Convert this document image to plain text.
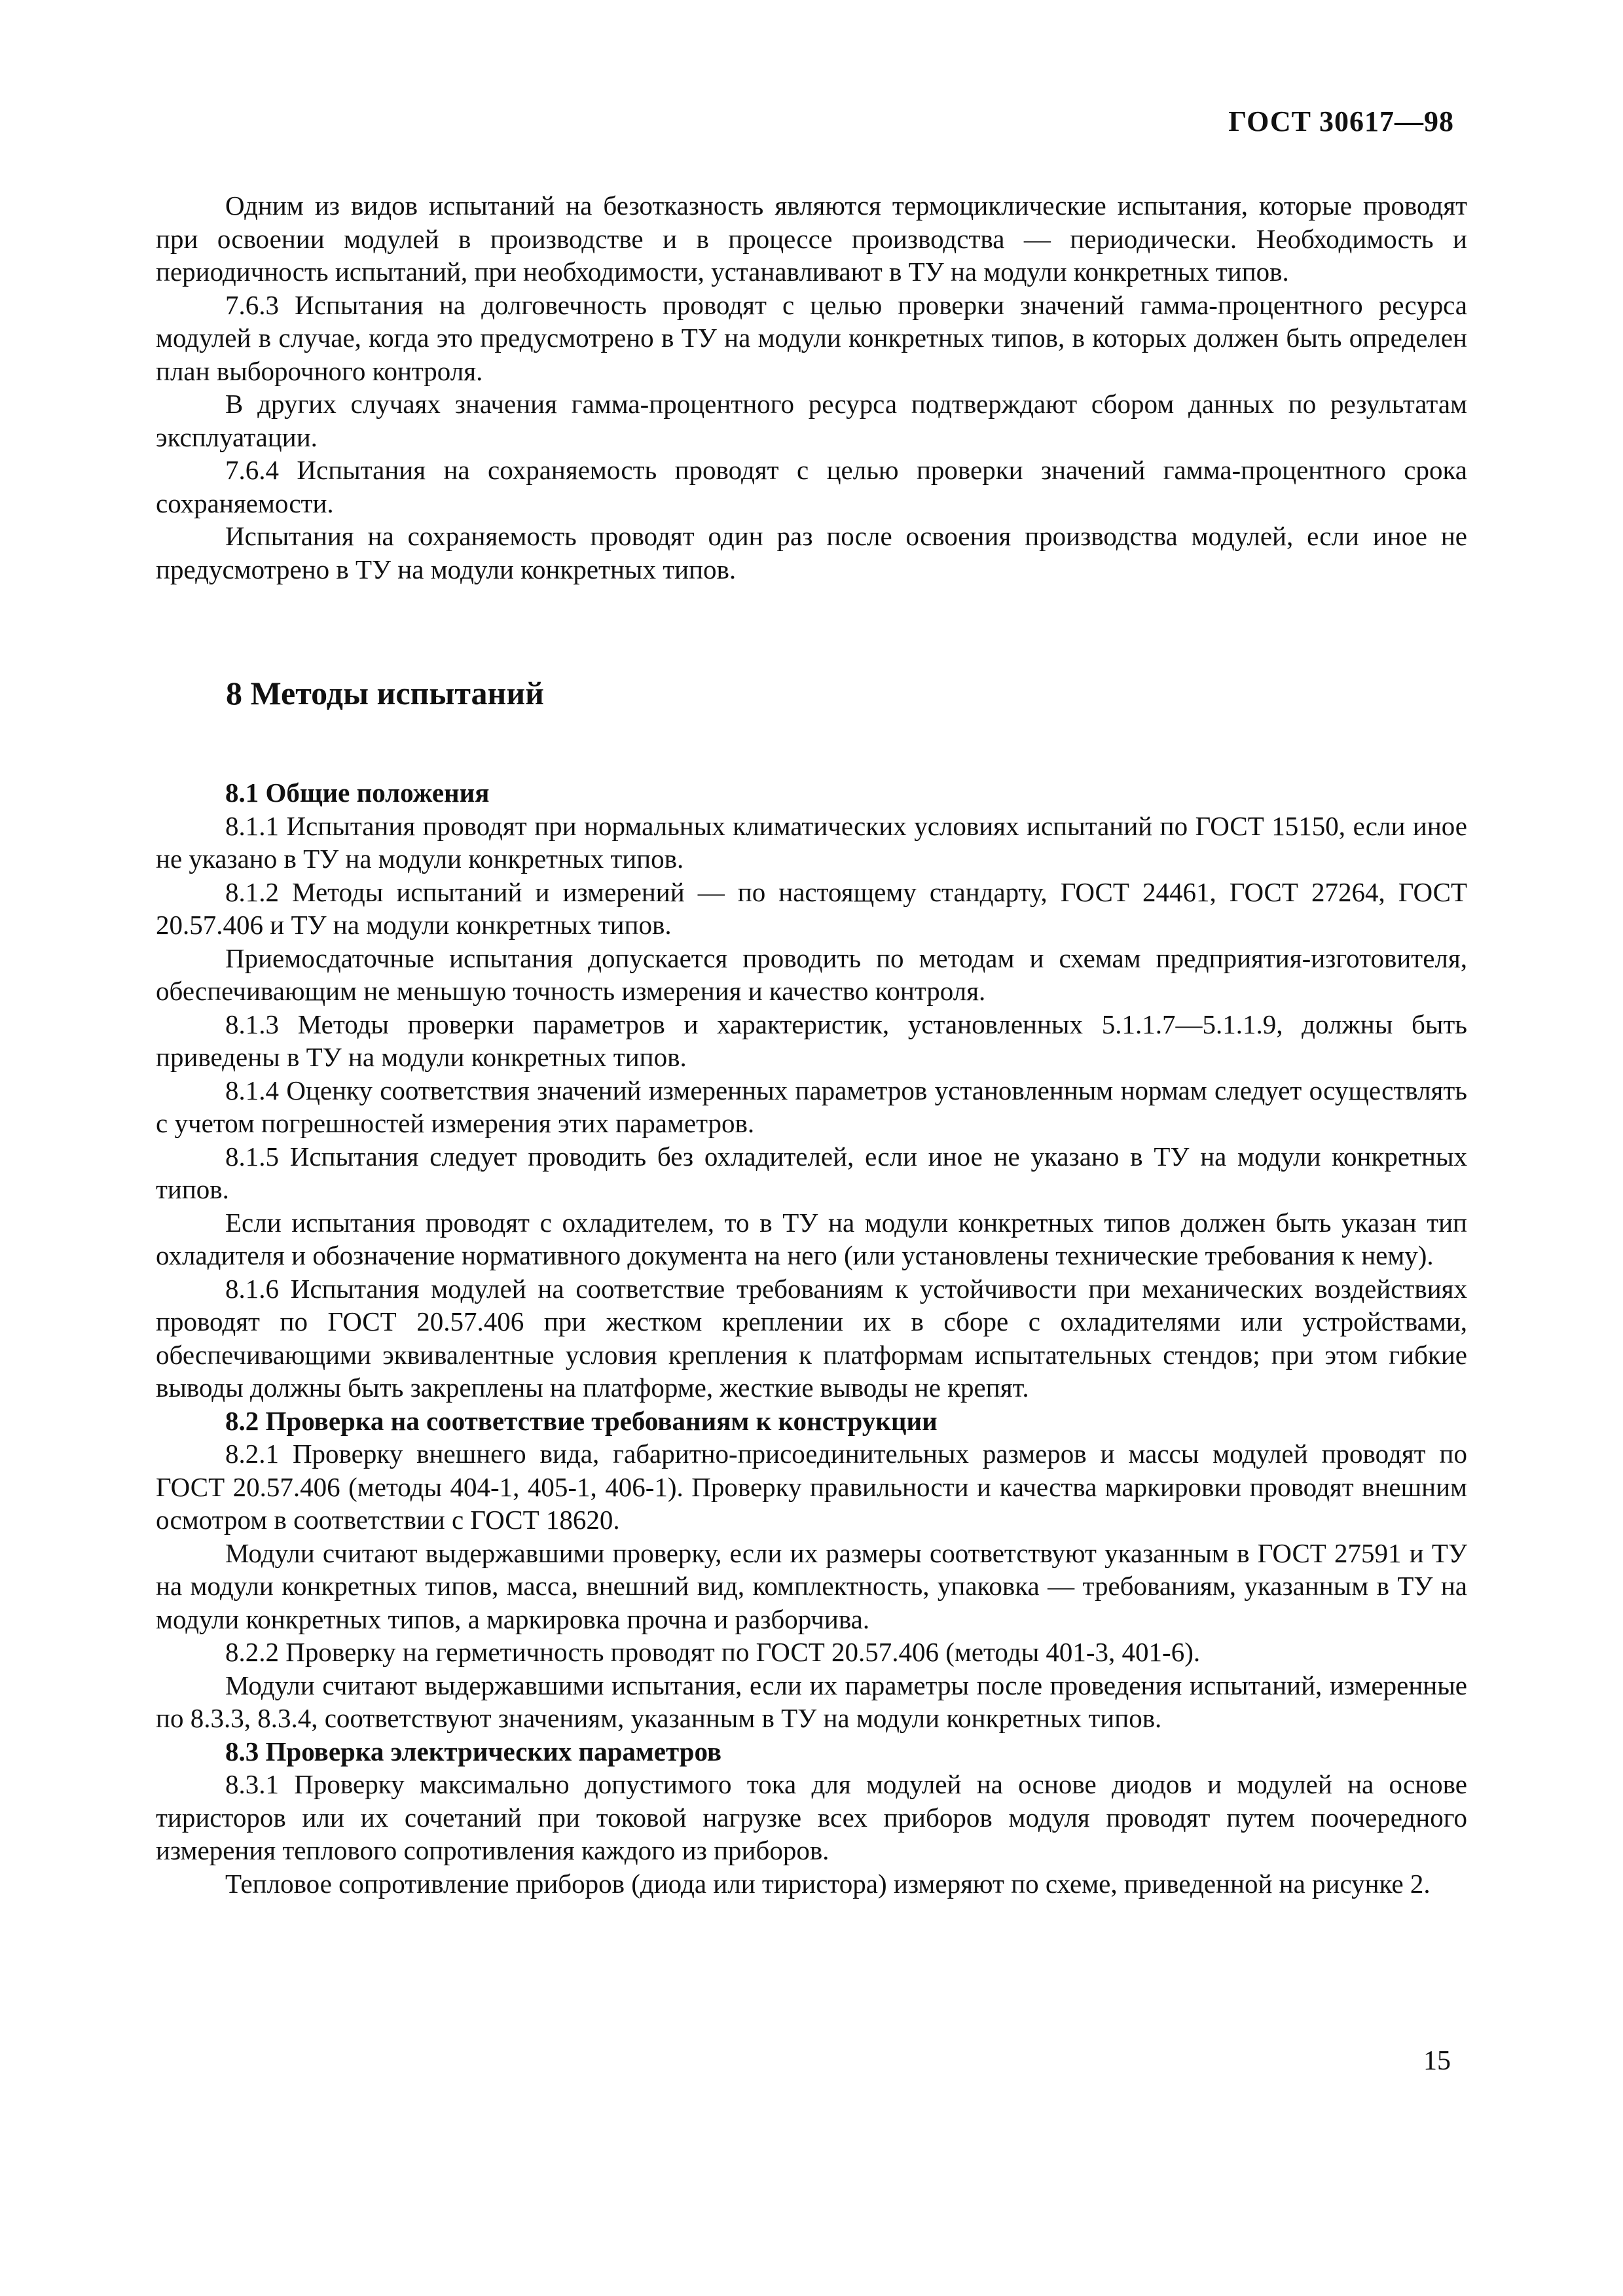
ГОСТ 30617—98

Одним из видов испытаний на безотказность являются термоциклические испытания, которые проводят при освоении модулей в производстве и в процессе производства — периодически. Необходимость и периодичность испытаний, при необходимости, устанавливают в ТУ на модули конкретных типов.

7.6.3 Испытания на долговечность проводят с целью проверки значений гамма-процентного ресурса модулей в случае, когда это предусмотрено в ТУ на модули конкретных типов, в которых должен быть определен план выборочного контроля.

В других случаях значения гамма-процентного ресурса подтверждают сбором данных по результатам эксплуатации.

7.6.4 Испытания на сохраняемость проводят с целью проверки значений гамма-процентного срока сохраняемости.

Испытания на сохраняемость проводят один раз после освоения производства модулей, если иное не предусмотрено в ТУ на модули конкретных типов.

8 Методы испытаний

8.1 Общие положения

8.1.1 Испытания проводят при нормальных климатических условиях испытаний по ГОСТ 15150, если иное не указано в ТУ на модули конкретных типов.

8.1.2 Методы испытаний и измерений — по настоящему стандарту, ГОСТ 24461, ГОСТ 27264, ГОСТ 20.57.406 и ТУ на модули конкретных типов.

Приемосдаточные испытания допускается проводить по методам и схемам предприятия-изготовителя, обеспечивающим не меньшую точность измерения и качество контроля.

8.1.3 Методы проверки параметров и характеристик, установленных 5.1.1.7—5.1.1.9, должны быть приведены в ТУ на модули конкретных типов.

8.1.4 Оценку соответствия значений измеренных параметров установленным нормам следует осуществлять с учетом погрешностей измерения этих параметров.

8.1.5 Испытания следует проводить без охладителей, если иное не указано в ТУ на модули конкретных типов.

Если испытания проводят с охладителем, то в ТУ на модули конкретных типов должен быть указан тип охладителя и обозначение нормативного документа на него (или установлены технические требования к нему).

8.1.6 Испытания модулей на соответствие требованиям к устойчивости при механических воздействиях проводят по ГОСТ 20.57.406 при жестком креплении их в сборе с охладителями или устройствами, обеспечивающими эквивалентные условия крепления к платформам испытательных стендов; при этом гибкие выводы должны быть закреплены на платформе, жесткие выводы не крепят.

8.2 Проверка на соответствие требованиям к конструкции

8.2.1 Проверку внешнего вида, габаритно-присоединительных размеров и массы модулей проводят по ГОСТ 20.57.406 (методы 404-1, 405-1, 406-1). Проверку правильности и качества маркировки проводят внешним осмотром в соответствии с ГОСТ 18620.

Модули считают выдержавшими проверку, если их размеры соответствуют указанным в ГОСТ 27591 и ТУ на модули конкретных типов, масса, внешний вид, комплектность, упаковка — требованиям, указанным в ТУ на модули конкретных типов, а маркировка прочна и разборчива.

8.2.2 Проверку на герметичность проводят по ГОСТ 20.57.406 (методы 401-3, 401-6).

Модули считают выдержавшими испытания, если их параметры после проведения испытаний, измеренные по 8.3.3, 8.3.4, соответствуют значениям, указанным в ТУ на модули конкретных типов.

8.3 Проверка электрических параметров

8.3.1 Проверку максимально допустимого тока для модулей на основе диодов и модулей на основе тиристоров или их сочетаний при токовой нагрузке всех приборов модуля проводят путем поочередного измерения теплового сопротивления каждого из приборов.

Тепловое сопротивление приборов (диода или тиристора) измеряют по схеме, приведенной на рисунке 2.

15
